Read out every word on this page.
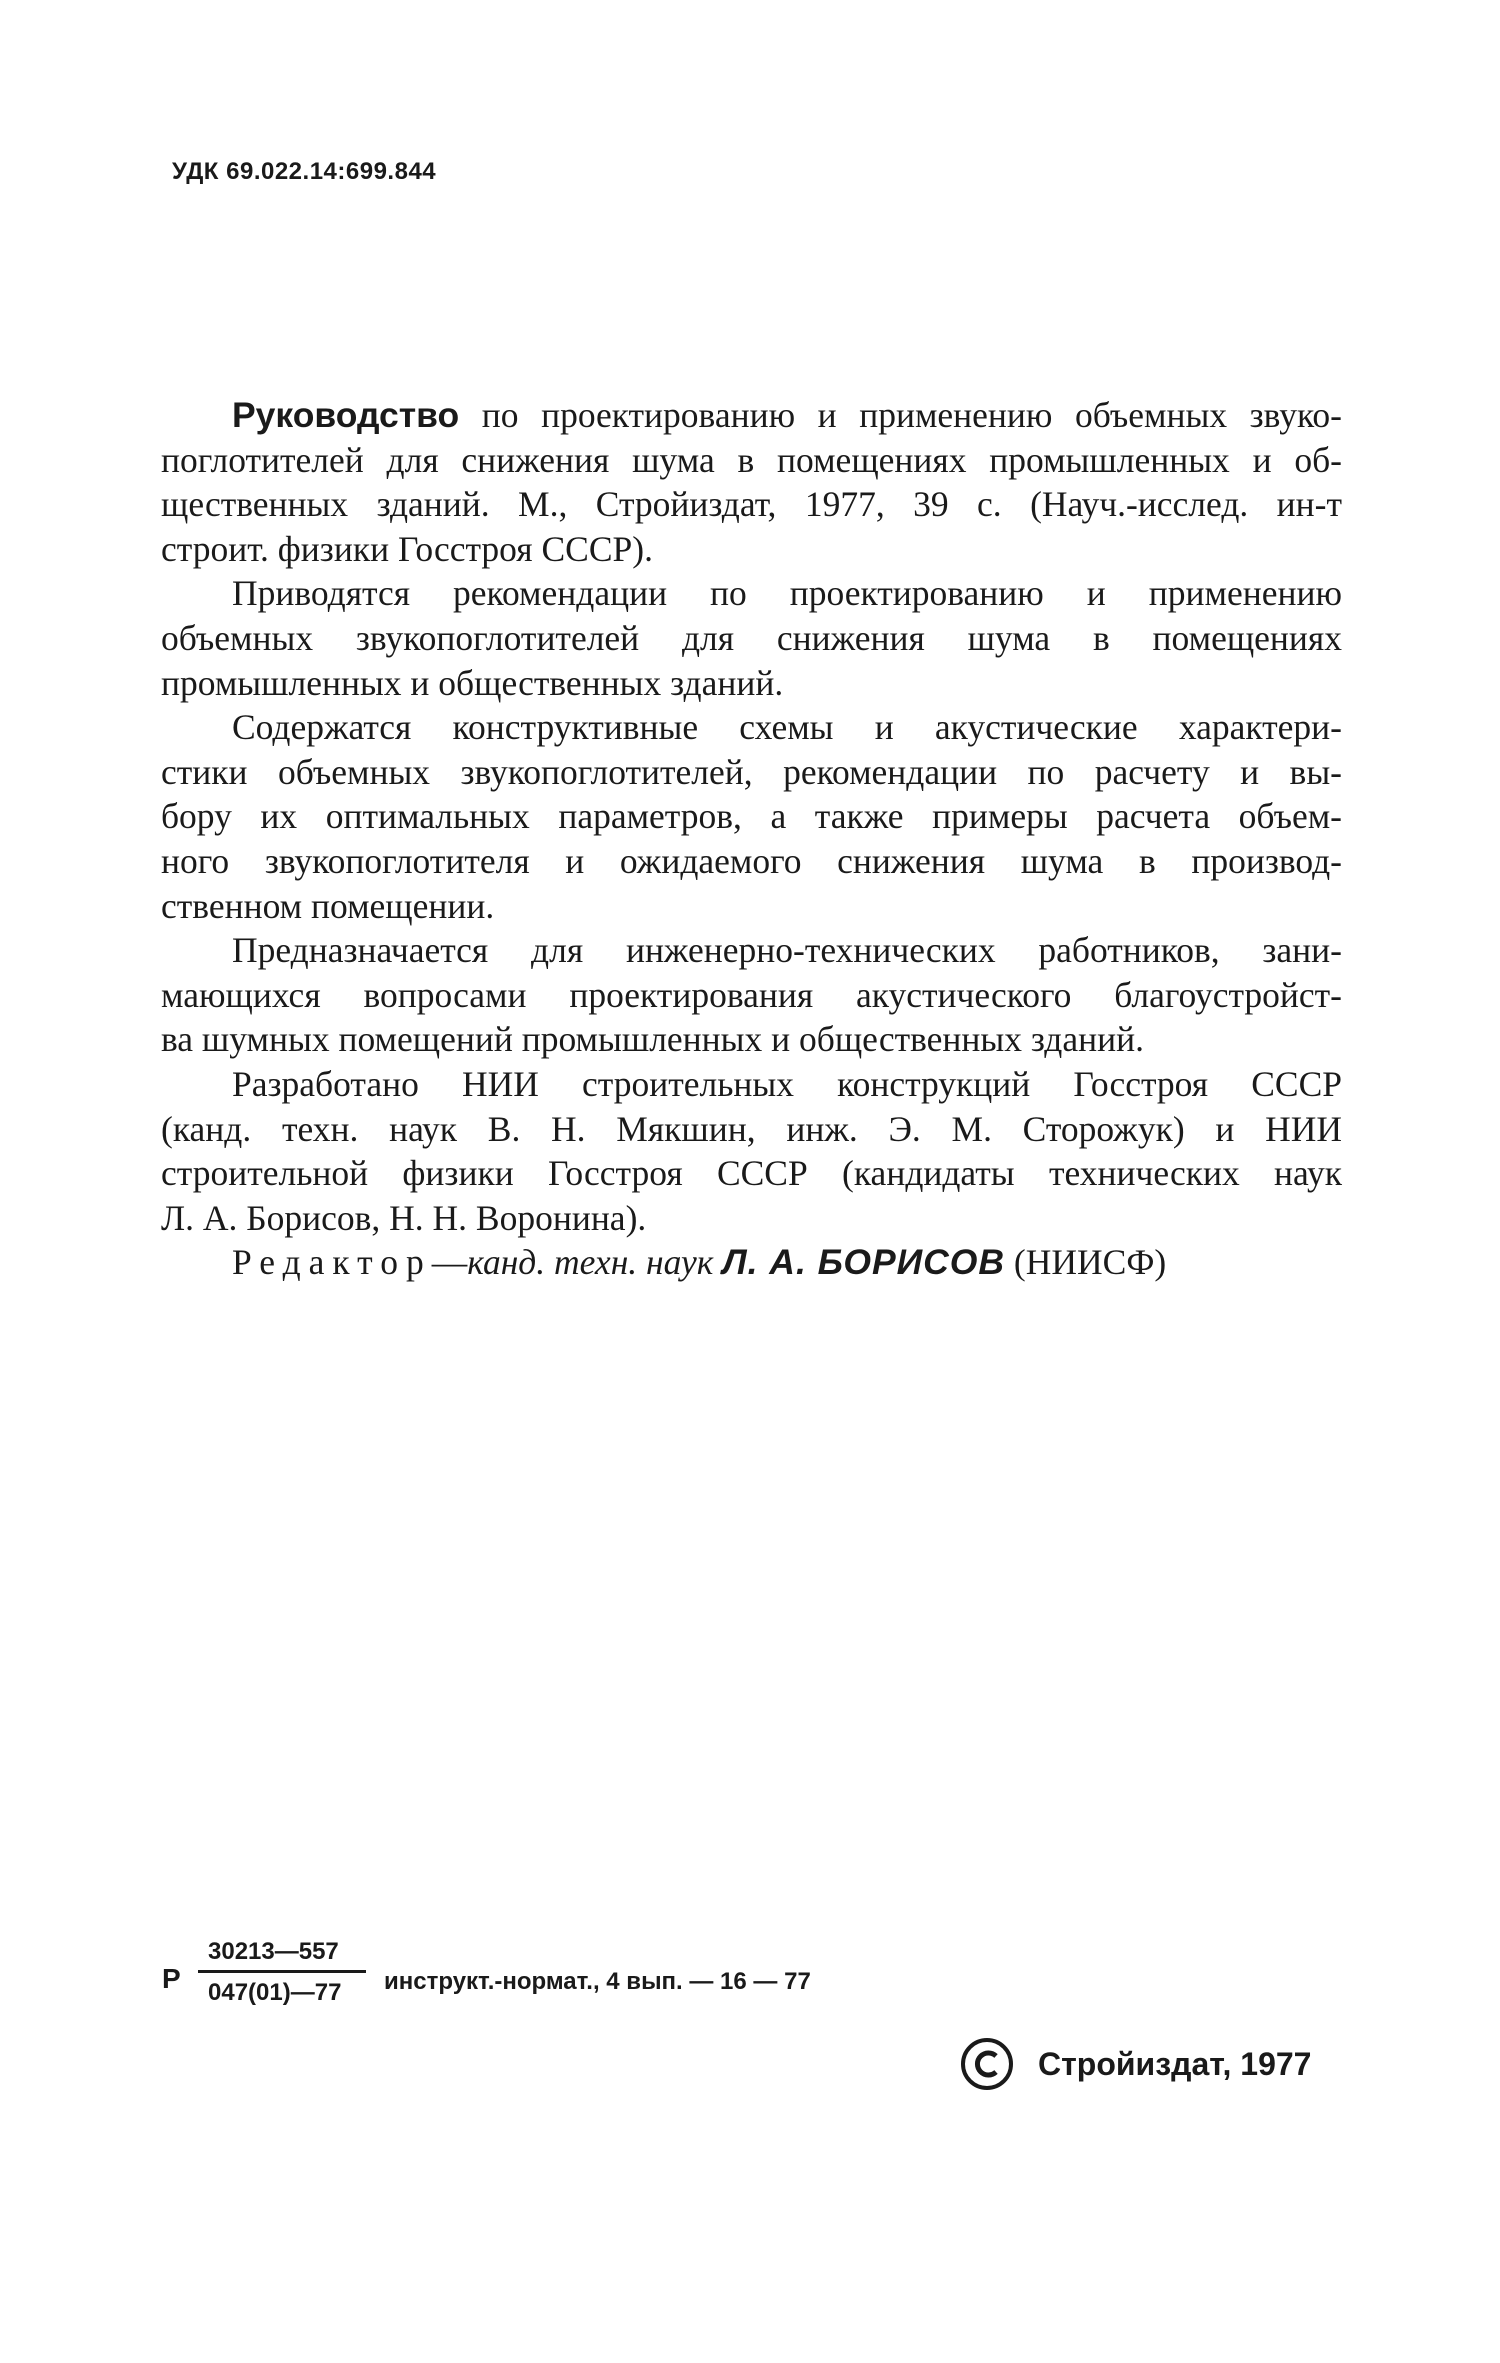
УДК 69.022.14:699.844

Руководство по проектированию и применению объемных звуко-
поглотителей для снижения шума в помещениях промышленных и об-
щественных зданий. М., Стройиздат, 1977, 39 с. (Науч.-исслед. ин-т
строит. физики Госстроя СССР).

Приводятся рекомендации по проектированию и применению
объемных звукопоглотителей для снижения шума в помещениях
промышленных и общественных зданий.

Содержатся конструктивные схемы и акустические характери-
стики объемных звукопоглотителей, рекомендации по расчету и вы-
бору их оптимальных параметров, а также примеры расчета объем-
ного звукопоглотителя и ожидаемого снижения шума в производ-
ственном помещении.

Предназначается для инженерно-технических работников, зани-
мающихся вопросами проектирования акустического благоустройст-
ва шумных помещений промышленных и общественных зданий.

Разработано НИИ строительных конструкций Госстроя СССР
(канд. техн. наук В. Н. Мякшин, инж. Э. М. Сторожук) и НИИ
строительной физики Госстроя СССР (кандидаты технических наук
Л. А. Борисов, Н. Н. Воронина).

Редактор—канд. техн. наук Л. А. БОРИСОВ (НИИСФ)

Р
30213—557
047(01)—77	инструкт.-нормат., 4 вып. — 16 — 77
Стройиздат, 1977
